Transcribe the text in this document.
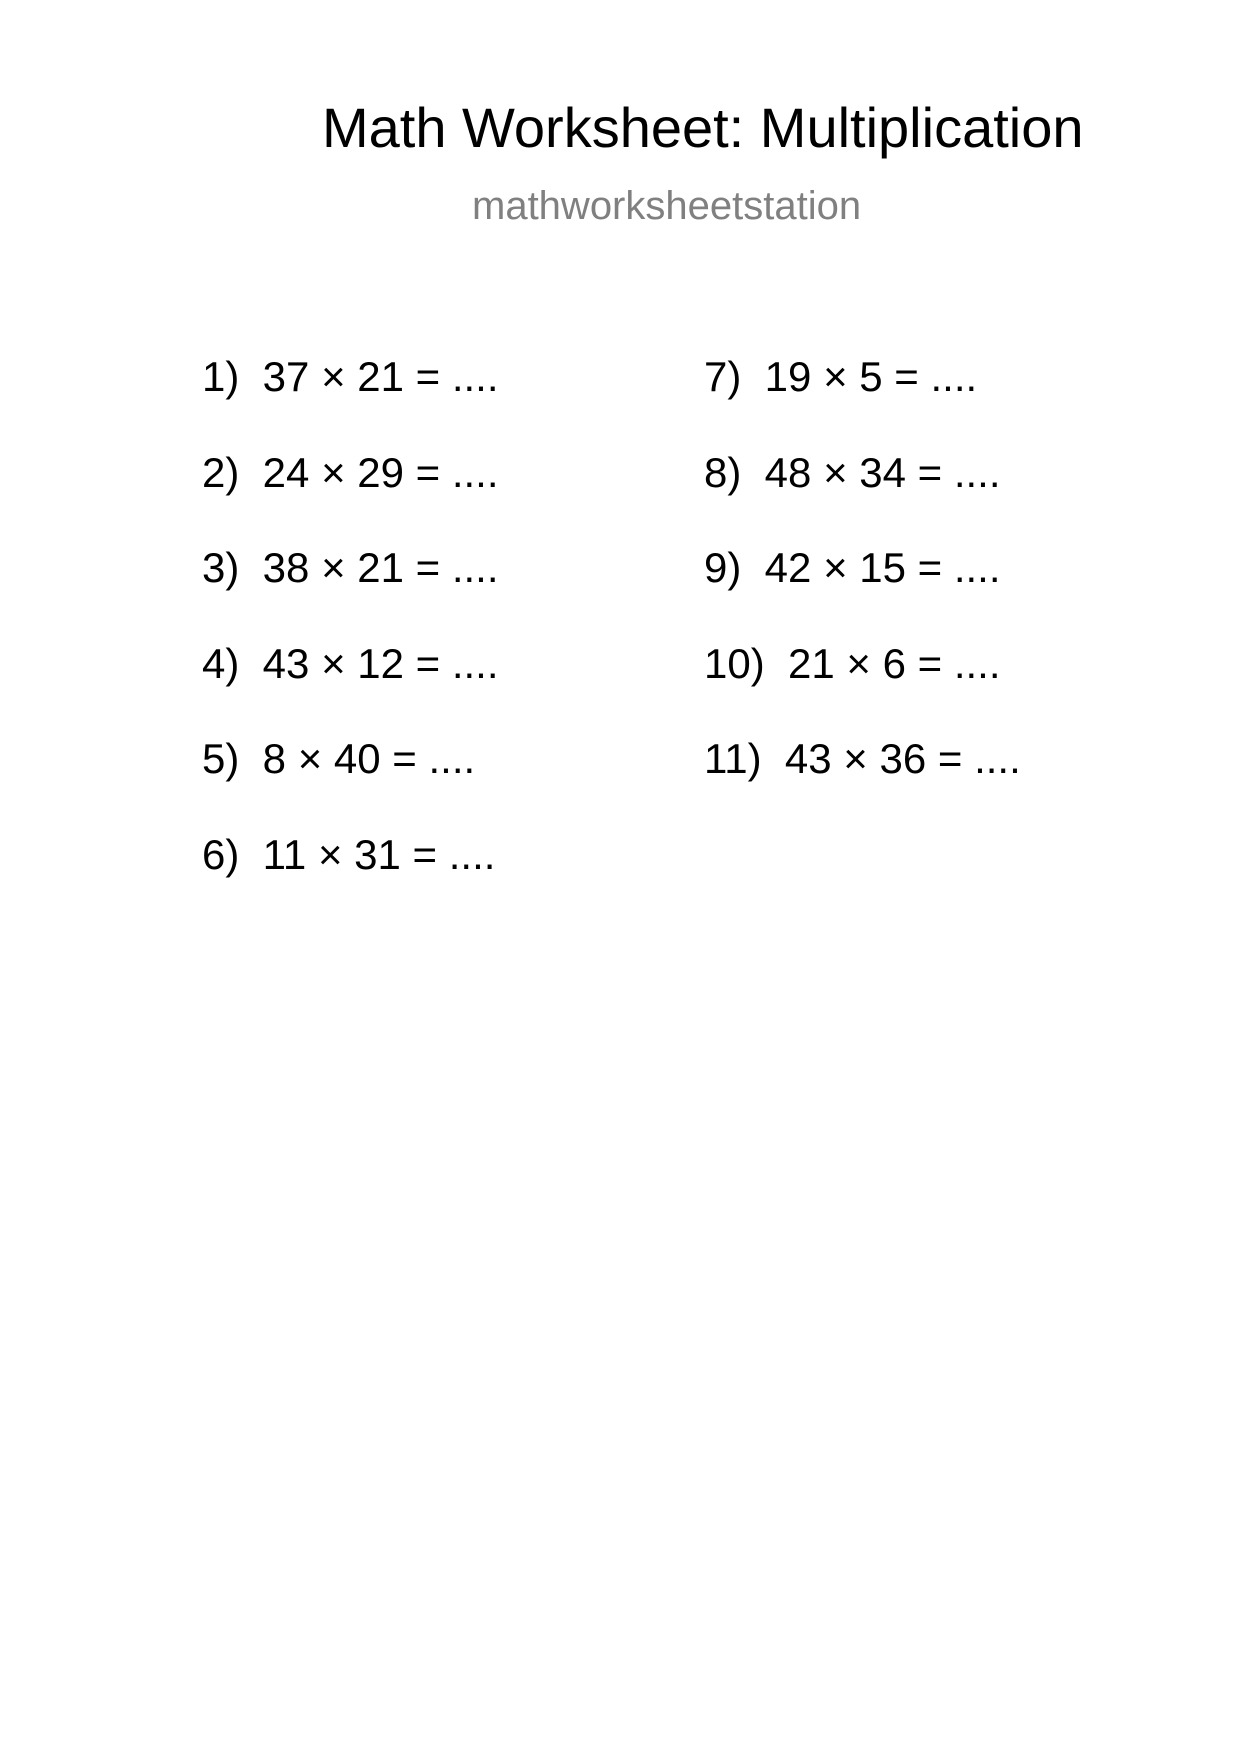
Math Worksheet: Multiplication
mathworksheetstation
1)  37 × 21 = ....
2)  24 × 29 = ....
3)  38 × 21 = ....
4)  43 × 12 = ....
5)  8 × 40 = ....
6)  11 × 31 = ....
7)  19 × 5 = ....
8)  48 × 34 = ....
9)  42 × 15 = ....
10)  21 × 6 = ....
11)  43 × 36 = ....
